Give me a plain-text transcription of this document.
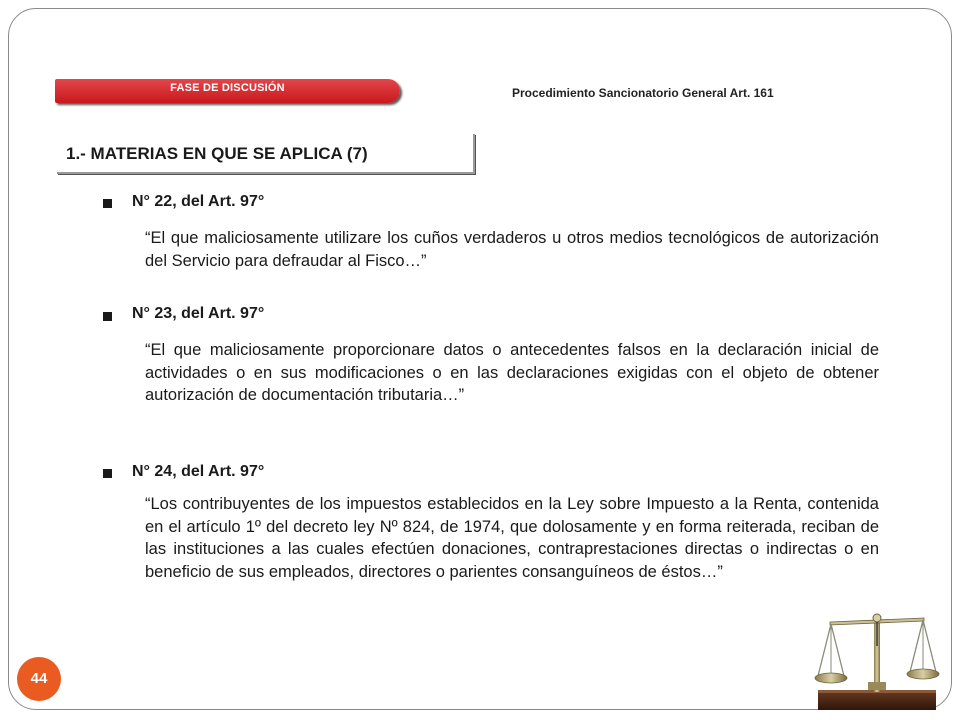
FASE DE DISCUSIÓN	Procedimiento Sancionatorio General Art. 161
1.- MATERIAS EN QUE SE APLICA (7)
N° 22, del Art. 97°
“El que maliciosamente utilizare los cuños verdaderos u otros medios tecnológicos de autorización del Servicio para defraudar al Fisco…”
N° 23, del Art. 97°
“El que maliciosamente proporcionare datos o antecedentes falsos en la declaración inicial de actividades o en sus modificaciones o en las declaraciones exigidas con el objeto de obtener autorización de documentación tributaria…”
N° 24, del Art. 97°
“Los contribuyentes de los impuestos establecidos en la Ley sobre Impuesto a la Renta, contenida en el artículo 1º del decreto ley Nº 824, de 1974, que dolosamente y en forma reiterada, reciban de las instituciones a las cuales efectúen donaciones, contraprestaciones directas o indirectas o en beneficio de sus empleados, directores o parientes consanguíneos de éstos…”
44
